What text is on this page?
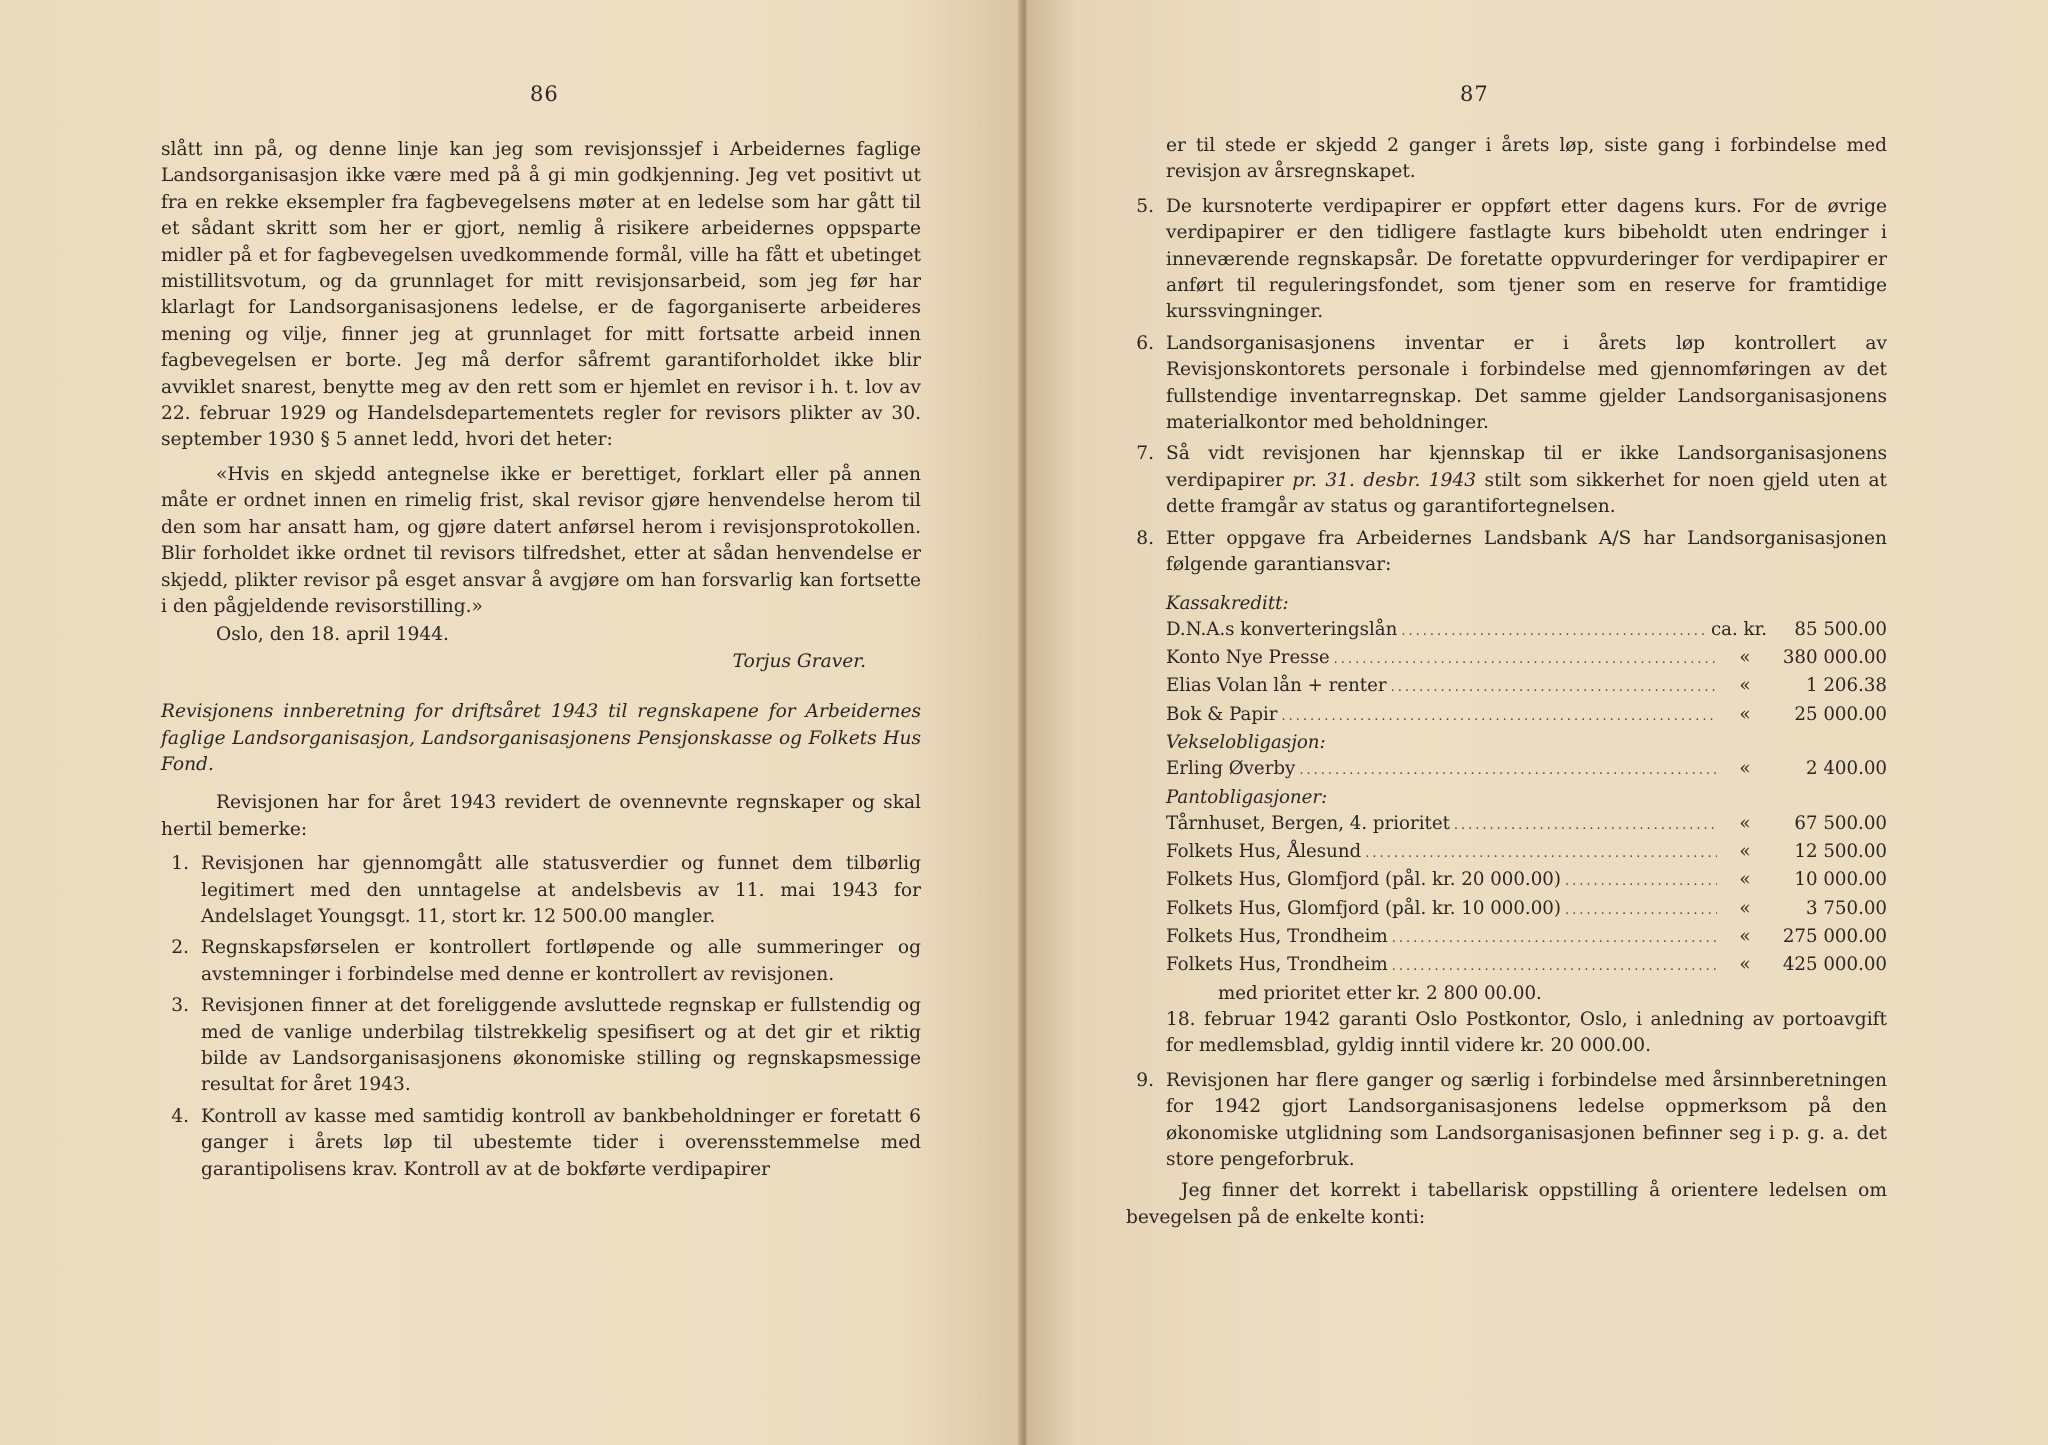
86

slått inn på, og denne linje kan jeg som revisjonssjef i Arbeidernes faglige Landsorganisasjon ikke være med på å gi min godkjenning. Jeg vet positivt ut fra en rekke eksempler fra fagbevegelsens møter at en ledelse som har gått til et sådant skritt som her er gjort, nemlig å risikere arbeidernes oppsparte midler på et for fagbevegelsen uvedkommende formål, ville ha fått et ubetinget mistillitsvotum, og da grunnlaget for mitt revisjonsarbeid, som jeg før har klarlagt for Landsorganisasjonens ledelse, er de fagorganiserte arbeideres mening og vilje, finner jeg at grunnlaget for mitt fortsatte arbeid innen fagbevegelsen er borte. Jeg må derfor såfremt garantiforholdet ikke blir avviklet snarest, benytte meg av den rett som er hjemlet en revisor i h. t. lov av 22. februar 1929 og Handelsdepartementets regler for revisors plikter av 30. september 1930 § 5 annet ledd, hvori det heter:

«Hvis en skjedd antegnelse ikke er berettiget, forklart eller på annen måte er ordnet innen en rimelig frist, skal revisor gjøre henvendelse herom til den som har ansatt ham, og gjøre datert anførsel herom i revisjonsprotokollen. Blir forholdet ikke ordnet til revisors tilfredshet, etter at sådan henvendelse er skjedd, plikter revisor på esget ansvar å avgjøre om han forsvarlig kan fortsette i den pågjeldende revisorstilling.»

Oslo, den 18. april 1944.

Torjus Graver.

Revisjonens innberetning for driftsåret 1943 til regnskapene for Arbeidernes faglige Landsorganisasjon, Landsorganisasjonens Pensjonskasse og Folkets Hus Fond.

Revisjonen har for året 1943 revidert de ovennevnte regnskaper og skal hertil bemerke:

1. Revisjonen har gjennomgått alle statusverdier og funnet dem tilbørlig legitimert med den unntagelse at andelsbevis av 11. mai 1943 for Andelslaget Youngsgt. 11, stort kr. 12 500.00 mangler.
2. Regnskapsførselen er kontrollert fortløpende og alle summeringer og avstemninger i forbindelse med denne er kontrollert av revisjonen.
3. Revisjonen finner at det foreliggende avsluttede regnskap er fullstendig og med de vanlige underbilag tilstrekkelig spesifisert og at det gir et riktig bilde av Landsorganisasjonens økonomiske stilling og regnskapsmessige resultat for året 1943.
4. Kontroll av kasse med samtidig kontroll av bankbeholdninger er foretatt 6 ganger i årets løp til ubestemte tider i overensstemmelse med garantipolisens krav. Kontroll av at de bokførte verdipapirer
87

er til stede er skjedd 2 ganger i årets løp, siste gang i forbindelse med revisjon av årsregnskapet.

5. De kursnoterte verdipapirer er oppført etter dagens kurs. For de øvrige verdipapirer er den tidligere fastlagte kurs bibeholdt uten endringer i inneværende regnskapsår. De foretatte oppvurderinger for verdipapirer er anført til reguleringsfondet, som tjener som en reserve for framtidige kurssvingninger.
6. Landsorganisasjonens inventar er i årets løp kontrollert av Revisjonskontorets personale i forbindelse med gjennomføringen av det fullstendige inventarregnskap. Det samme gjelder Landsorganisasjonens materialkontor med beholdninger.
7. Så vidt revisjonen har kjennskap til er ikke Landsorganisasjonens verdipapirer pr. 31. desbr. 1943 stilt som sikkerhet for noen gjeld uten at dette framgår av status og garantifortegnelsen.
8. Etter oppgave fra Arbeidernes Landsbank A/S har Landsorganisasjonen følgende garantiansvar:
Kassakreditt:
D.N.A.s konverteringslån .....	ca. kr.	85 500.00
Konto Nye Presse .....	«	380 000.00
Elias Volan lån + renter .....	«	1 206.38
Bok & Papir .....	«	25 000.00
Vekselobligasjon:
Erling Øverby .....	«	2 400.00
Pantobligasjoner:
Tårnhuset, Bergen, 4. prioritet .....	«	67 500.00
Folkets Hus, Ålesund .....	«	12 500.00
Folkets Hus, Glomfjord (pål. kr. 20 000.00) .....	«	10 000.00
Folkets Hus, Glomfjord (pål. kr. 10 000.00) .....	«	3 750.00
Folkets Hus, Trondheim .....	«	275 000.00
Folkets Hus, Trondheim .....	«	425 000.00
med prioritet etter kr. 2 800 00.00.

18. februar 1942 garanti Oslo Postkontor, Oslo, i anledning av portoavgift for medlemsblad, gyldig inntil videre kr. 20 000.00.

9. Revisjonen har flere ganger og særlig i forbindelse med årsinnberetningen for 1942 gjort Landsorganisasjonens ledelse oppmerksom på den økonomiske utglidning som Landsorganisasjonen befinner seg i p. g. a. det store pengeforbruk.

Jeg finner det korrekt i tabellarisk oppstilling å orientere ledelsen om bevegelsen på de enkelte konti:
